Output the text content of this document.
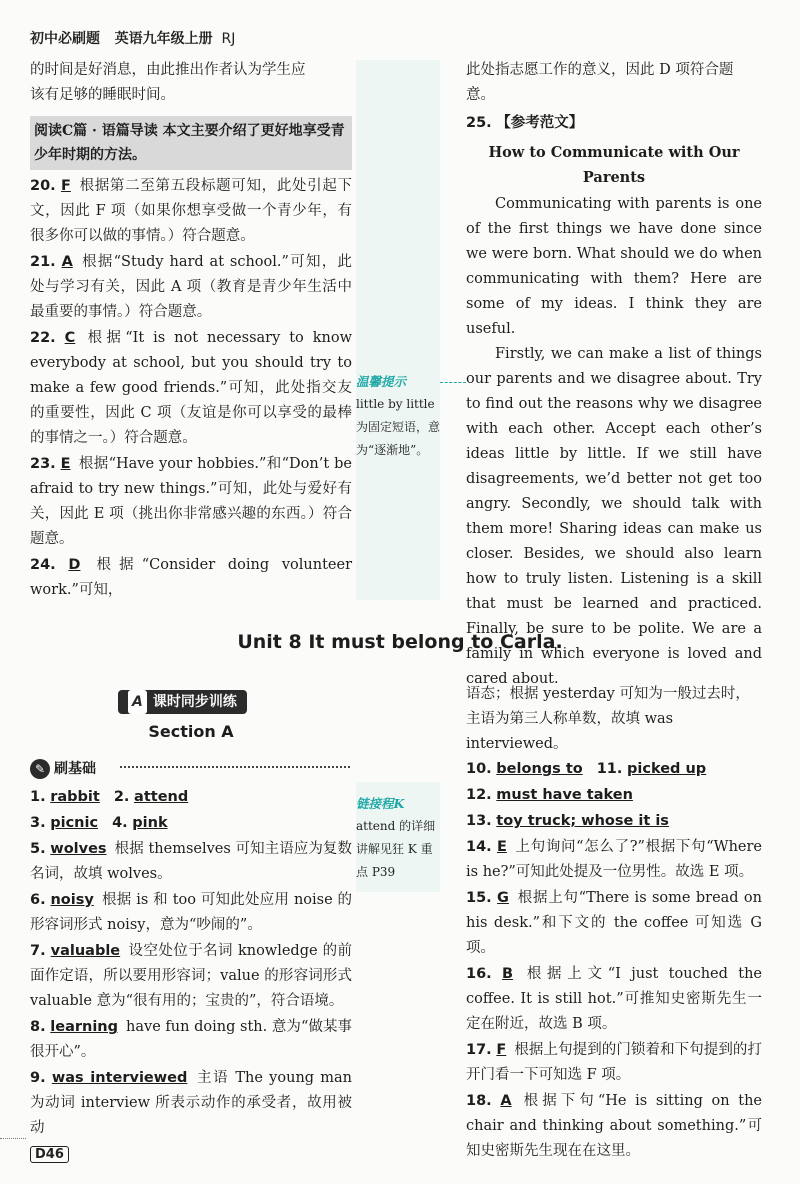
初中必刷题 英语九年级上册 RJ

的时间是好消息，由此推出作者认为学生应

该有足够的睡眠时间。

阅读C篇 · 语篇导读 本文主要介绍了更好地享受青少年时期的方法。

20. F 根据第二至第五段标题可知，此处引起下文，因此 F 项（如果你想享受做一个青少年，有很多你可以做的事情。）符合题意。

21. A 根据“Study hard at school.”可知，此处与学习有关，因此 A 项（教育是青少年生活中最重要的事情。）符合题意。

22. C 根据“It is not necessary to know everybody at school, but you should try to make a few good friends.”可知，此处指交友的重要性，因此 C 项（友谊是你可以享受的最棒的事情之一。）符合题意。

23. E 根据“Have your hobbies.”和“Don’t be afraid to try new things.”可知，此处与爱好有关，因此 E 项（挑出你非常感兴趣的东西。）符合题意。

24. D 根据“Consider doing volunteer work.”可知，

温馨提示
little by little 为固定短语，意为“逐渐地”。

此处指志愿工作的意义，因此 D 项符合题意。

25. 【参考范文】

How to Communicate with Our Parents

Communicating with parents is one of the first things we have done since we were born. What should we do when communicating with them? Here are some of my ideas. I think they are useful.

Firstly, we can make a list of things our parents and we disagree about. Try to find out the reasons why we disagree with each other. Accept each other’s ideas little by little. If we still have disagreements, we’d better not get too angry. Secondly, we should talk with them more! Sharing ideas can make us closer. Besides, we should also learn how to truly listen. Listening is a skill that must be learned and practiced. Finally, be sure to be polite. We are a family in which everyone is loved and cared about.

Unit 8 It must belong to Carla.
A 课时同步训练
Section A
✎ 刷基础
链接程K
attend 的详细讲解见狂 K 重点 P39

1. rabbit 2. attend

3. picnic 4. pink

5. wolves 根据 themselves 可知主语应为复数名词，故填 wolves。

6. noisy 根据 is 和 too 可知此处应用 noise 的形容词形式 noisy，意为“吵闹的”。

7. valuable 设空处位于名词 knowledge 的前面作定语，所以要用形容词；value 的形容词形式 valuable 意为“很有用的；宝贵的”，符合语境。

8. learning have fun doing sth. 意为“做某事很开心”。

9. was interviewed 主语 The young man 为动词 interview 所表示动作的承受者，故用被动

语态；根据 yesterday 可知为一般过去时，主语为第三人称单数，故填 was interviewed。

10. belongs to 11. picked up

12. must have taken

13. toy truck; whose it is

14. E 上句询问“怎么了?”根据下句“Where is he?”可知此处提及一位男性。故选 E 项。

15. G 根据上句“There is some bread on his desk.”和下文的 the coffee 可知选 G 项。

16. B 根据上文“I just touched the coffee. It is still hot.”可推知史密斯先生一定在附近，故选 B 项。

17. F 根据上句提到的门锁着和下句提到的打开门看一下可知选 F 项。

18. A 根据下句“He is sitting on the chair and thinking about something.”可知史密斯先生现在在这里。

D46
